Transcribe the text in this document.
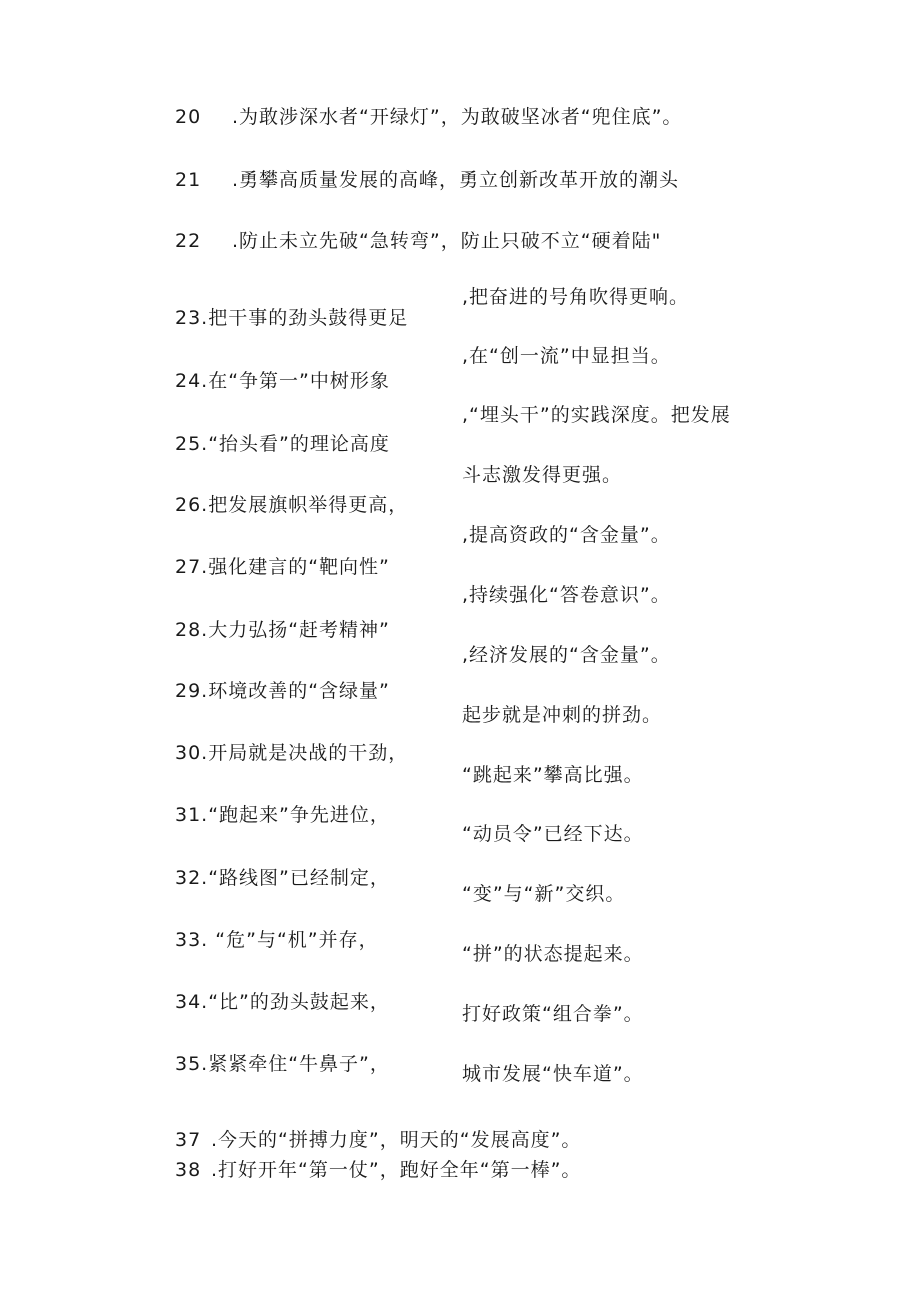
20 .为敢涉深水者“开绿灯”，为敢破坚冰者“兜住底”。
21 .勇攀高质量发展的高峰，勇立创新改革开放的潮头
22 .防止未立先破“急转弯”，防止只破不立“硬着陆"
23.把干事的劲头鼓得更足
24.在“争第一”中树形象
25.“抬头看”的理论高度
26.把发展旗帜举得更高，
27.强化建言的“靶向性”
28.大力弘扬“赶考精神”
29.环境改善的“含绿量”
30.开局就是决战的干劲，
31.“跑起来”争先进位，
32.“路线图”已经制定，
33. “危”与“机”并存，
34.“比”的劲头鼓起来，
35.紧紧牵住“牛鼻子”，
,把奋进的号角吹得更响。
,在“创一流”中显担当。
,“埋头干”的实践深度。把发展
斗志激发得更强。
,提高资政的“含金量”。
,持续强化“答卷意识”。
,经济发展的“含金量”。
起步就是冲刺的拼劲。
“跳起来”攀高比强。
“动员令”已经下达。
“变”与“新”交织。
“拼”的状态提起来。
打好政策“组合拳”。
城市发展“快车道”。
37 .今天的“拼搏力度”，明天的“发展高度”。
38 .打好开年“第一仗”，跑好全年“第一棒”。
